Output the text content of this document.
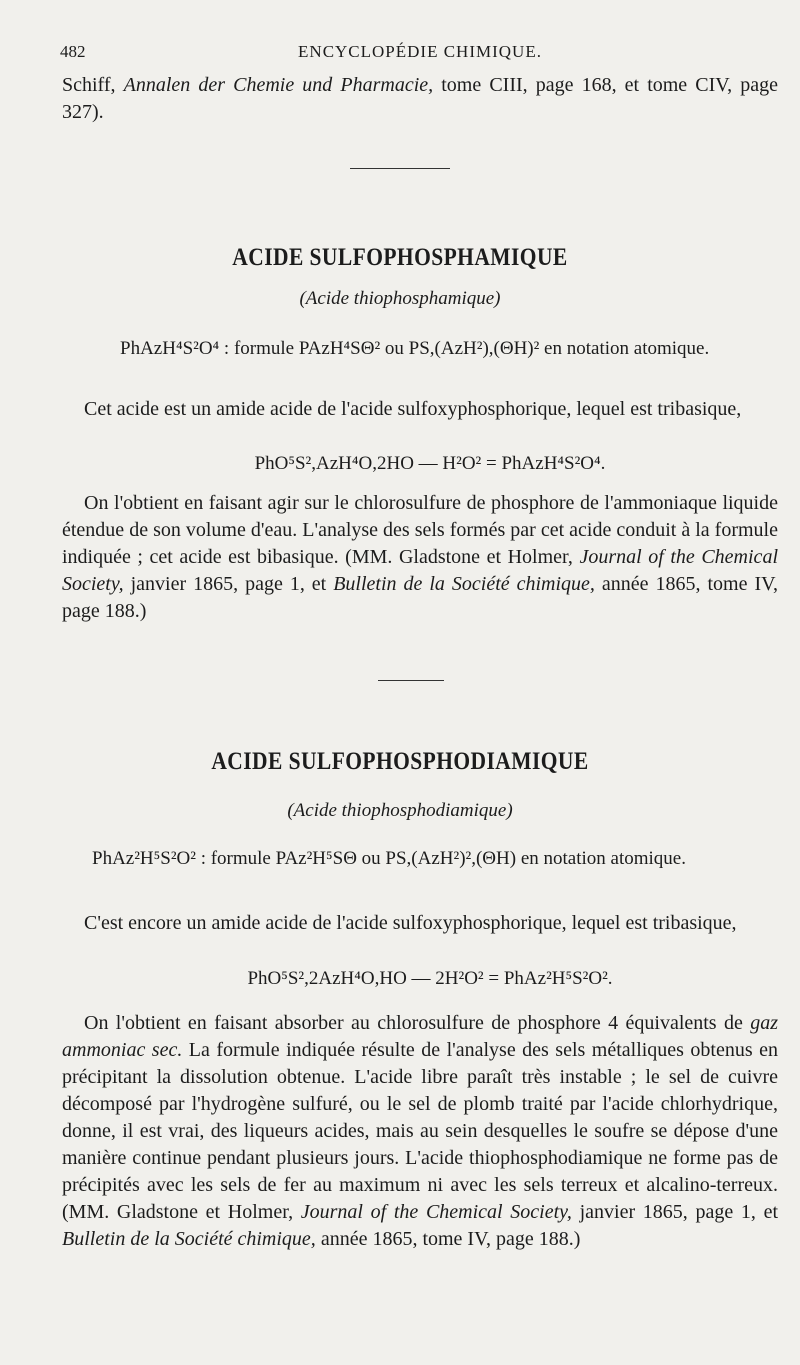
482	ENCYCLOPÉDIE CHIMIQUE.
Schiff, Annalen der Chemie und Pharmacie, tome CIII, page 168, et tome CIV, page 327).
ACIDE SULFOPHOSPHAMIQUE
(Acide thiophosphamique)
PhAzH⁴S²O⁴ : formule PAzH⁴SΘ² ou PS,(AzH²),(ΘH)² en notation atomique.
Cet acide est un amide acide de l'acide sulfoxyphosphorique, lequel est tribasique,
PhO⁵S²,AzH⁴O,2HO — H²O² = PhAzH⁴S²O⁴.
On l'obtient en faisant agir sur le chlorosulfure de phosphore de l'ammoniaque liquide étendue de son volume d'eau. L'analyse des sels formés par cet acide conduit à la formule indiquée ; cet acide est bibasique. (MM. Gladstone et Holmer, Journal of the Chemical Society, janvier 1865, page 1, et Bulletin de la Société chimique, année 1865, tome IV, page 188.)
ACIDE SULFOPHOSPHODIAMIQUE
(Acide thiophosphodiamique)
PhAz²H⁵S²O² : formule PAz²H⁵SΘ ou PS,(AzH²)²,(ΘH) en notation atomique.
C'est encore un amide acide de l'acide sulfoxyphosphorique, lequel est tribasique,
PhO⁵S²,2AzH⁴O,HO — 2H²O² = PhAz²H⁵S²O².
On l'obtient en faisant absorber au chlorosulfure de phosphore 4 équivalents de gaz ammoniac sec. La formule indiquée résulte de l'analyse des sels métalliques obtenus en précipitant la dissolution obtenue. L'acide libre paraît très instable ; le sel de cuivre décomposé par l'hydrogène sulfuré, ou le sel de plomb traité par l'acide chlorhydrique, donne, il est vrai, des liqueurs acides, mais au sein desquelles le soufre se dépose d'une manière continue pendant plusieurs jours. L'acide thiophosphodiamique ne forme pas de précipités avec les sels de fer au maximum ni avec les sels terreux et alcalino-terreux. (MM. Gladstone et Holmer, Journal of the Chemical Society, janvier 1865, page 1, et Bulletin de la Société chimique, année 1865, tome IV, page 188.)
